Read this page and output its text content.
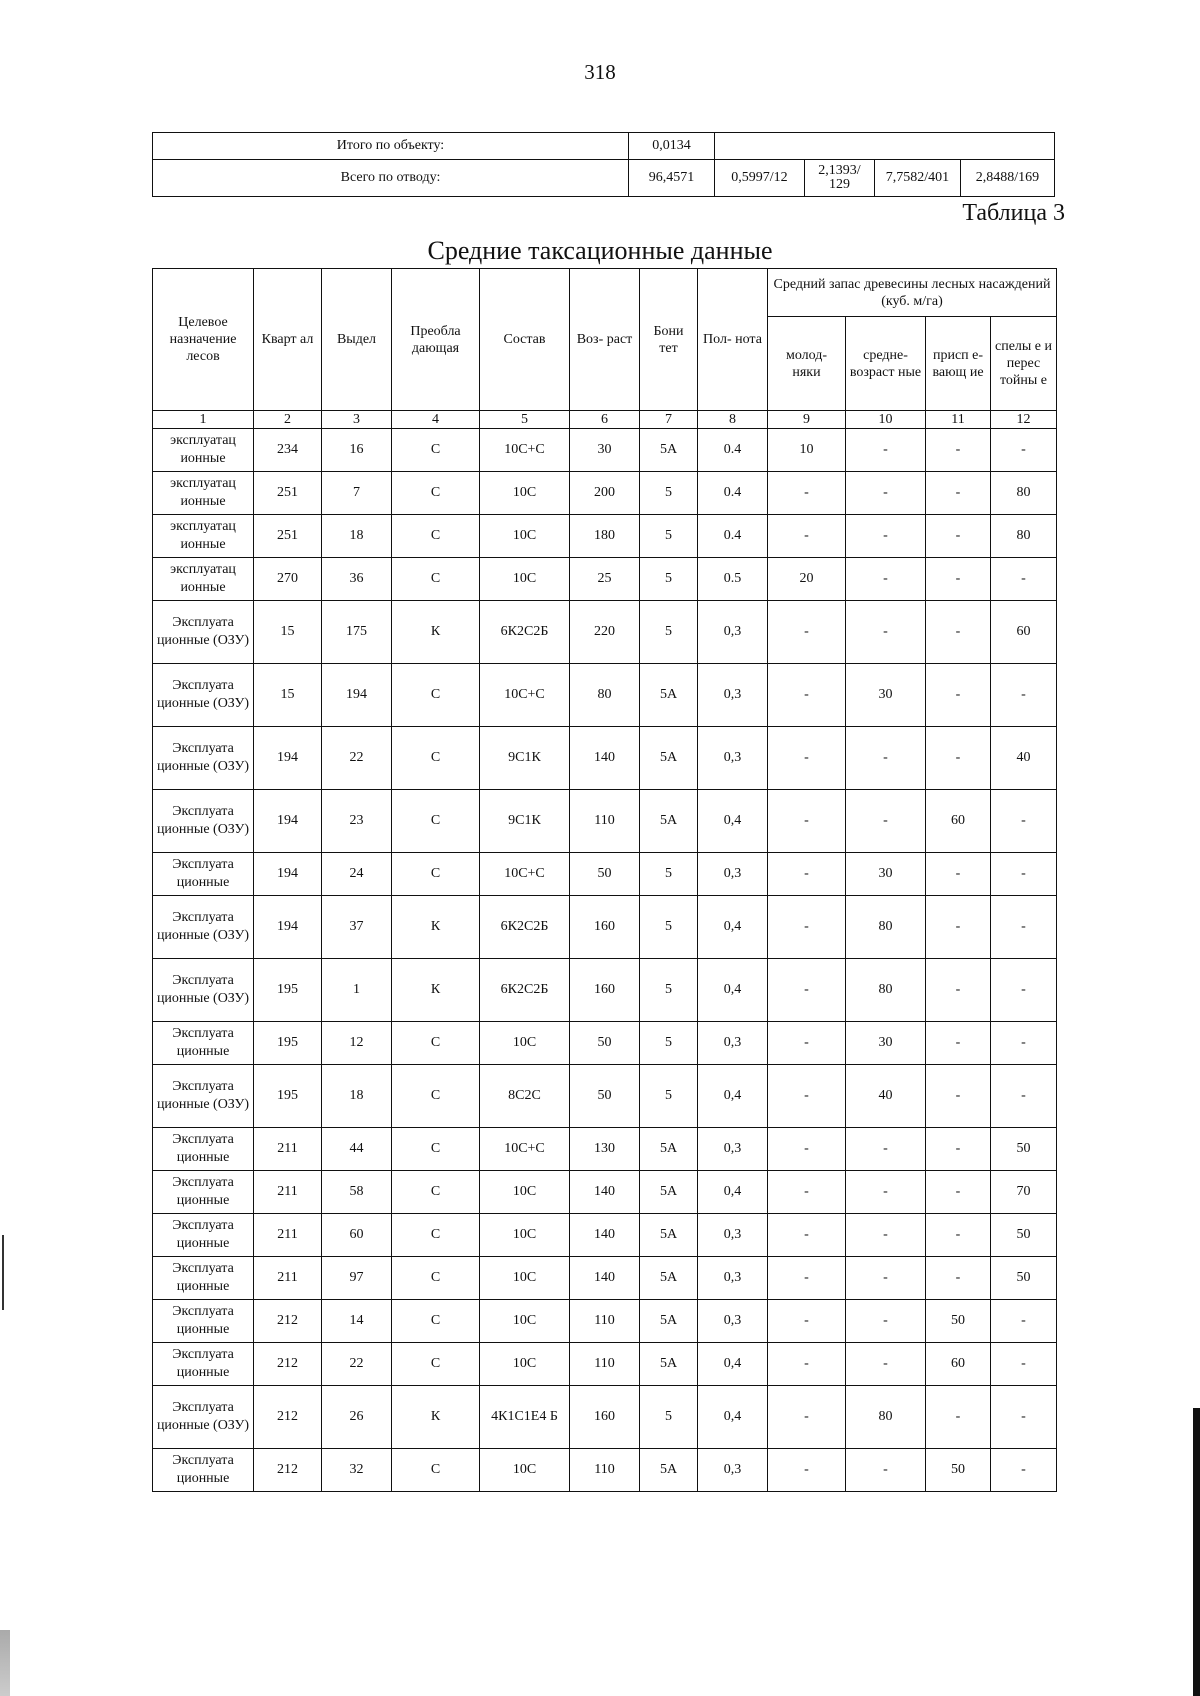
318
Итого по объекту:	0,0134				
Всего по отводу:	96,4571	0,5997/12	2,1393/ 129	7,7582/401	2,8488/169
Таблица 3
Средние таксационные данные
Целевое назначение лесов	Кварт ал	Выдел	Преобла дающая	Состав	Воз- раст	Бони тет	Пол- нота	Средний запас древесины лесных насаждений (куб. м/га)			
								молод- няки	средне- возраст ные	присп е- вающ ие	спелы е и перес тойны е
1	2	3	4	5	6	7	8	9	10	11	12
эксплуатац ионные	234	16	С	10С+С	30	5А	0.4	10	-	-	-
эксплуатац ионные	251	7	С	10С	200	5	0.4	-	-	-	80
эксплуатац ионные	251	18	С	10С	180	5	0.4	-	-	-	80
эксплуатац ионные	270	36	С	10С	25	5	0.5	20	-	-	-
Эксплуата ционные (ОЗУ)	15	175	К	6К2С2Б	220	5	0,3	-	-	-	60
Эксплуата ционные (ОЗУ)	15	194	С	10С+С	80	5А	0,3	-	30	-	-
Эксплуата ционные (ОЗУ)	194	22	С	9С1К	140	5А	0,3	-	-	-	40
Эксплуата ционные (ОЗУ)	194	23	С	9С1К	110	5А	0,4	-	-	60	-
Эксплуата ционные	194	24	С	10С+С	50	5	0,3	-	30	-	-
Эксплуата ционные (ОЗУ)	194	37	К	6К2С2Б	160	5	0,4	-	80	-	-
Эксплуата ционные (ОЗУ)	195	1	К	6К2С2Б	160	5	0,4	-	80	-	-
Эксплуата ционные	195	12	С	10С	50	5	0,3	-	30	-	-
Эксплуата ционные (ОЗУ)	195	18	С	8С2С	50	5	0,4	-	40	-	-
Эксплуата ционные	211	44	С	10С+С	130	5А	0,3	-	-	-	50
Эксплуата ционные	211	58	С	10С	140	5А	0,4	-	-	-	70
Эксплуата ционные	211	60	С	10С	140	5А	0,3	-	-	-	50
Эксплуата ционные	211	97	С	10С	140	5А	0,3	-	-	-	50
Эксплуата ционные	212	14	С	10С	110	5А	0,3	-	-	50	-
Эксплуата ционные	212	22	С	10С	110	5А	0,4	-	-	60	-
Эксплуата ционные (ОЗУ)	212	26	К	4К1С1Е4 Б	160	5	0,4	-	80	-	-
Эксплуата ционные	212	32	С	10С	110	5А	0,3	-	-	50	-
